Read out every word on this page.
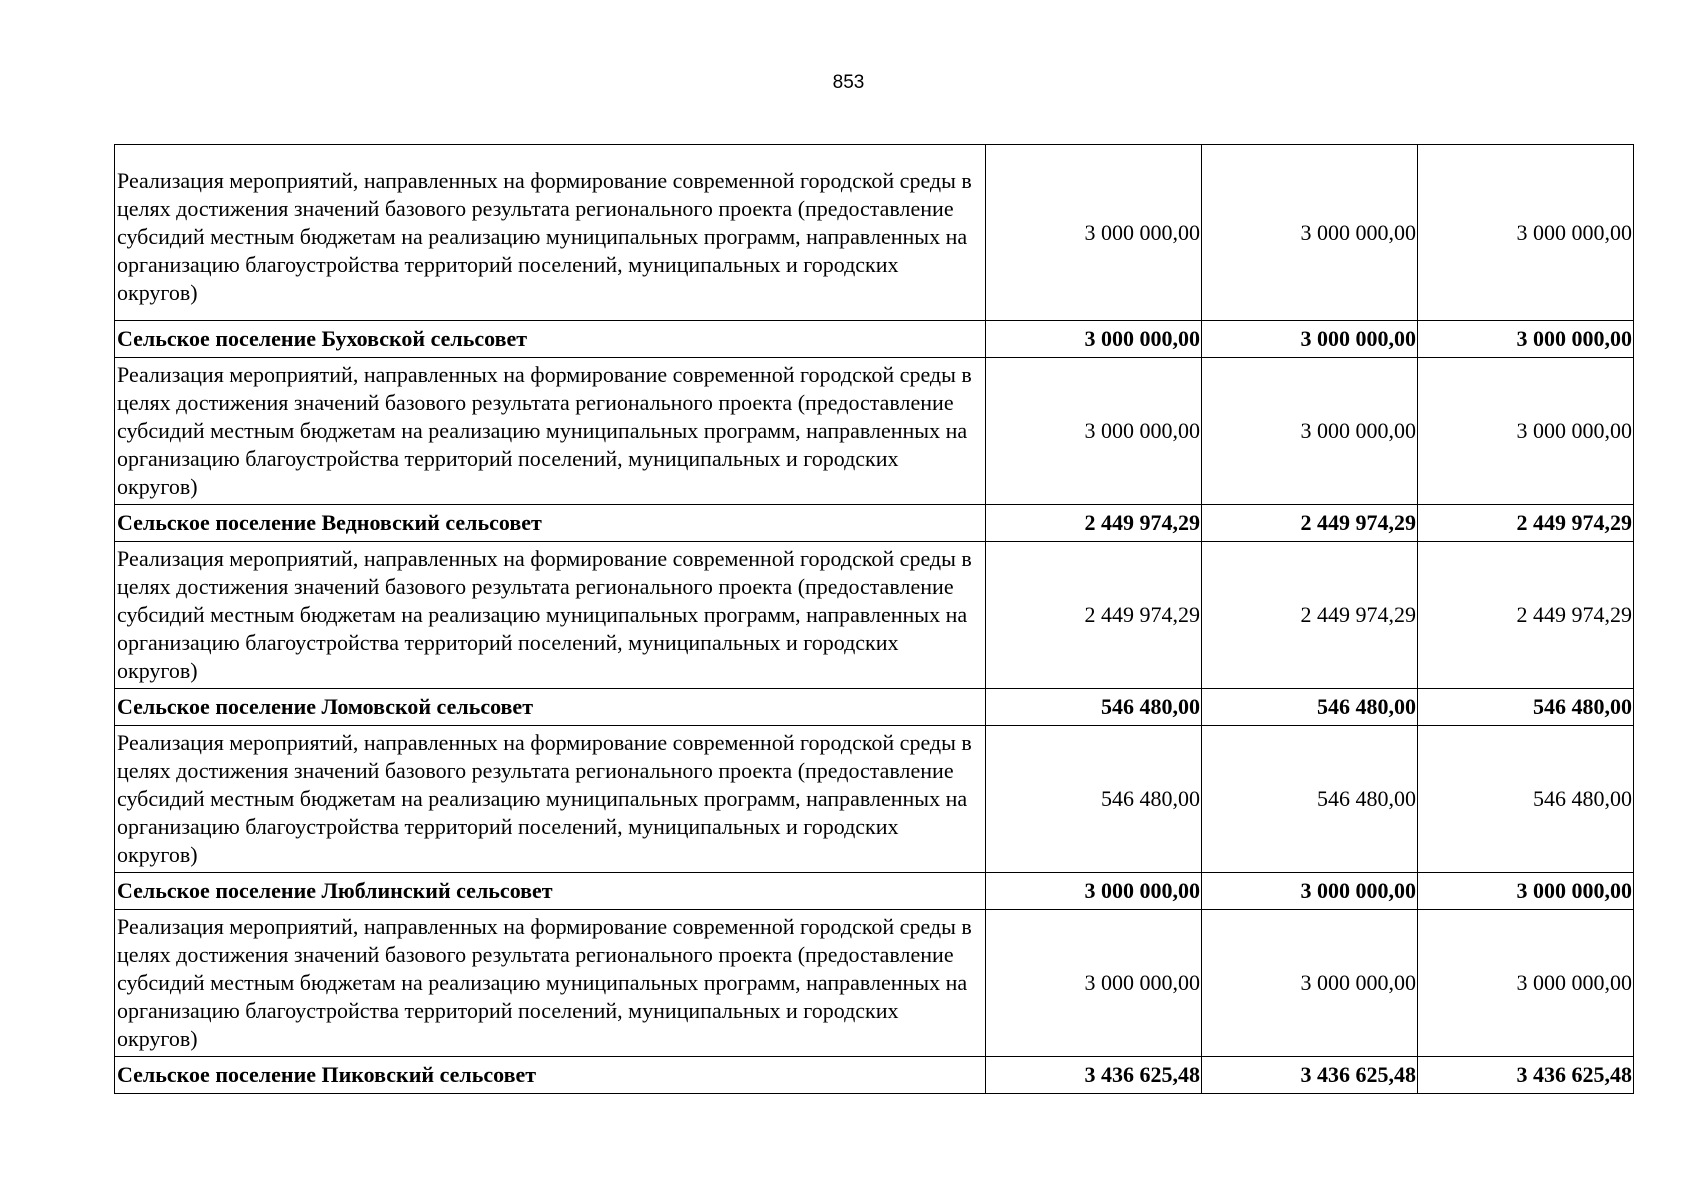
853
Реализация мероприятий, направленных на формирование современной городской среды в целях достижения значений базового результата регионального проекта (предоставление субсидий местным бюджетам на реализацию муниципальных программ, направленных на организацию благоустройства территорий поселений, муниципальных и городских округов)	3 000 000,00	3 000 000,00	3 000 000,00
Сельское поселение Буховской сельсовет	3 000 000,00	3 000 000,00	3 000 000,00
Реализация мероприятий, направленных на формирование современной городской среды в целях достижения значений базового результата регионального проекта (предоставление субсидий местным бюджетам на реализацию муниципальных программ, направленных на организацию благоустройства территорий поселений, муниципальных и городских округов)	3 000 000,00	3 000 000,00	3 000 000,00
Сельское поселение Ведновский сельсовет	2 449 974,29	2 449 974,29	2 449 974,29
Реализация мероприятий, направленных на формирование современной городской среды в целях достижения значений базового результата регионального проекта (предоставление субсидий местным бюджетам на реализацию муниципальных программ, направленных на организацию благоустройства территорий поселений, муниципальных и городских округов)	2 449 974,29	2 449 974,29	2 449 974,29
Сельское поселение Ломовской сельсовет	546 480,00	546 480,00	546 480,00
Реализация мероприятий, направленных на формирование современной городской среды в целях достижения значений базового результата регионального проекта (предоставление субсидий местным бюджетам на реализацию муниципальных программ, направленных на организацию благоустройства территорий поселений, муниципальных и городских округов)	546 480,00	546 480,00	546 480,00
Сельское поселение Люблинский сельсовет	3 000 000,00	3 000 000,00	3 000 000,00
Реализация мероприятий, направленных на формирование современной городской среды в целях достижения значений базового результата регионального проекта (предоставление субсидий местным бюджетам на реализацию муниципальных программ, направленных на организацию благоустройства территорий поселений, муниципальных и городских округов)	3 000 000,00	3 000 000,00	3 000 000,00
Сельское поселение Пиковский сельсовет	3 436 625,48	3 436 625,48	3 436 625,48
